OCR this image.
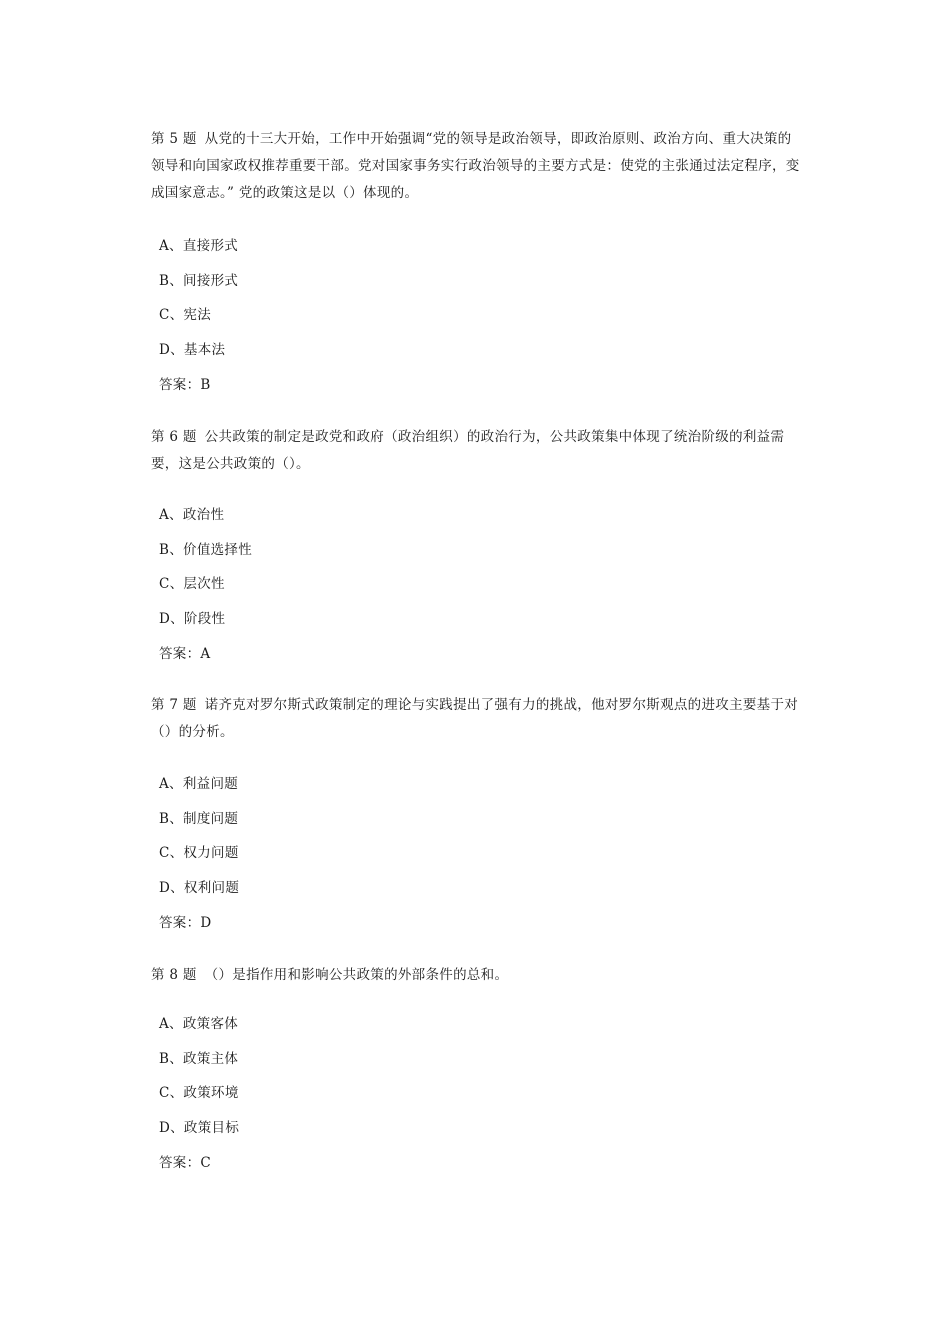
第 5 题 从党的十三大开始，工作中开始强调“党的领导是政治领导，即政治原则、政治方向、重大决策的领导和向国家政权推荐重要干部。党对国家事务实行政治领导的主要方式是：使党的主张通过法定程序，变成国家意志。” 党的政策这是以（）体现的。

A、直接形式
B、间接形式
C、宪法
D、基本法
答案：B

第 6 题 公共政策的制定是政党和政府（政治组织）的政治行为，公共政策集中体现了统治阶级的利益需要，这是公共政策的（）。

A、政治性
B、价值选择性
C、层次性
D、阶段性
答案：A

第 7 题 诺齐克对罗尔斯式政策制定的理论与实践提出了强有力的挑战，他对罗尔斯观点的进攻主要基于对（）的分析。

A、利益问题
B、制度问题
C、权力问题
D、权利问题
答案：D

第 8 题 （）是指作用和影响公共政策的外部条件的总和。

A、政策客体
B、政策主体
C、政策环境
D、政策目标
答案：C
